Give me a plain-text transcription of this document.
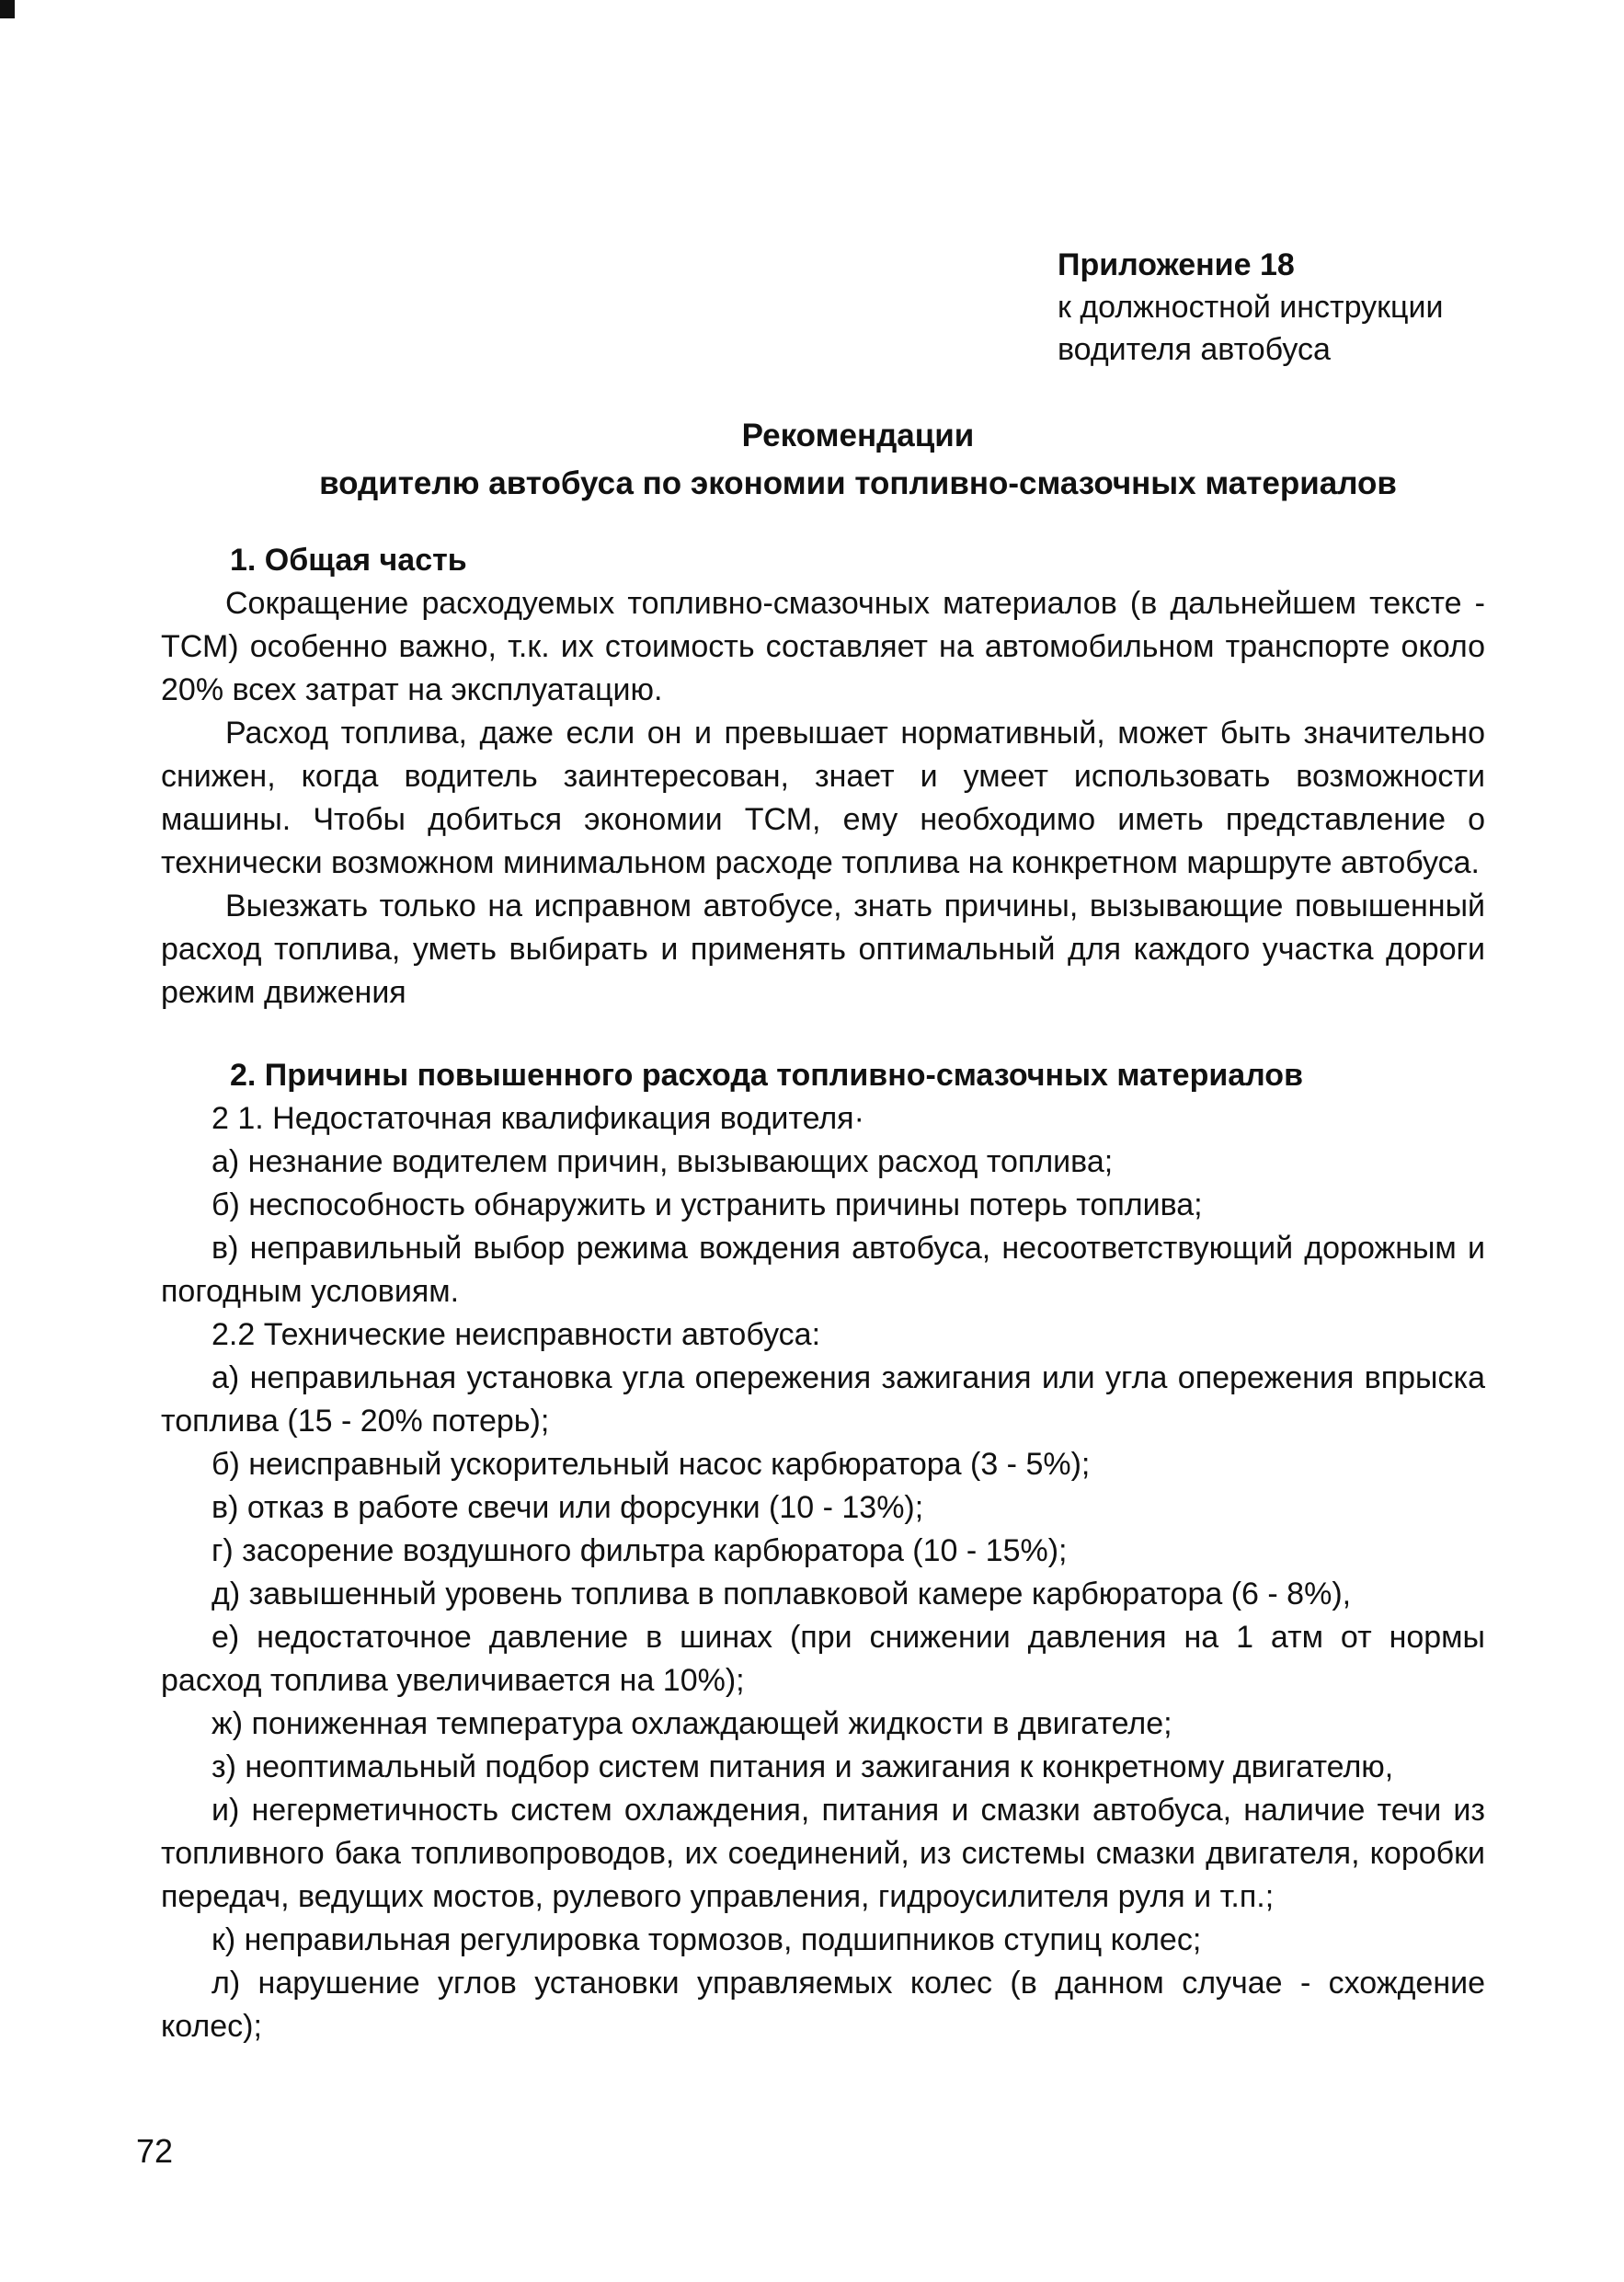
Приложение 18
к должностной инструкции
водителя автобуса
Рекомендации
водителю автобуса по экономии топливно-смазочных материалов
1. Общая часть

Сокращение расходуемых топливно-смазочных материалов (в дальнейшем тексте - ТСМ) особенно важно, т.к. их стоимость составляет на автомобильном транспорте около 20% всех затрат на эксплуатацию.

Расход топлива, даже если он и превышает нормативный, может быть значительно снижен, когда водитель заинтересован, знает и умеет использовать возможности машины. Чтобы добиться экономии ТСМ, ему необходимо иметь представление о технически возможном минимальном расходе топлива на конкретном маршруте автобуса.

Выезжать только на исправном автобусе, знать причины, вызывающие повышенный расход топлива, уметь выбирать и применять оптимальный для каждого участка дороги режим движения

2. Причины повышенного расхода топливно-смазочных материалов

2 1. Недостаточная квалификация водителя·

а) незнание водителем причин, вызывающих расход топлива;

б) неспособность обнаружить и устранить причины потерь топлива;

в) неправильный выбор режима вождения автобуса, несоответствующий дорожным и погодным условиям.

2.2 Технические неисправности автобуса:

а) неправильная установка угла опережения зажигания или угла опережения впрыска топлива (15 - 20% потерь);

б) неисправный ускорительный насос карбюратора (3 - 5%);

в) отказ в работе свечи или форсунки (10 - 13%);

г) засорение воздушного фильтра карбюратора (10 - 15%);

д) завышенный уровень топлива в поплавковой камере карбюратора (6 - 8%),

е) недостаточное давление в шинах (при снижении давления на 1 атм от нормы расход топлива увеличивается на 10%);

ж) пониженная температура охлаждающей жидкости в двигателе;

з) неоптимальный подбор систем питания и зажигания к конкретному двигателю,

и) негерметичность систем охлаждения, питания и смазки автобуса, наличие течи из топливного бака топливопроводов, их соединений, из системы смазки двигателя, коробки передач, ведущих мостов, рулевого управления, гидроусилителя руля и т.п.;

к) неправильная регулировка тормозов, подшипников ступиц колес;

л) нарушение углов установки управляемых колес (в данном случае - схождение колес);

72
